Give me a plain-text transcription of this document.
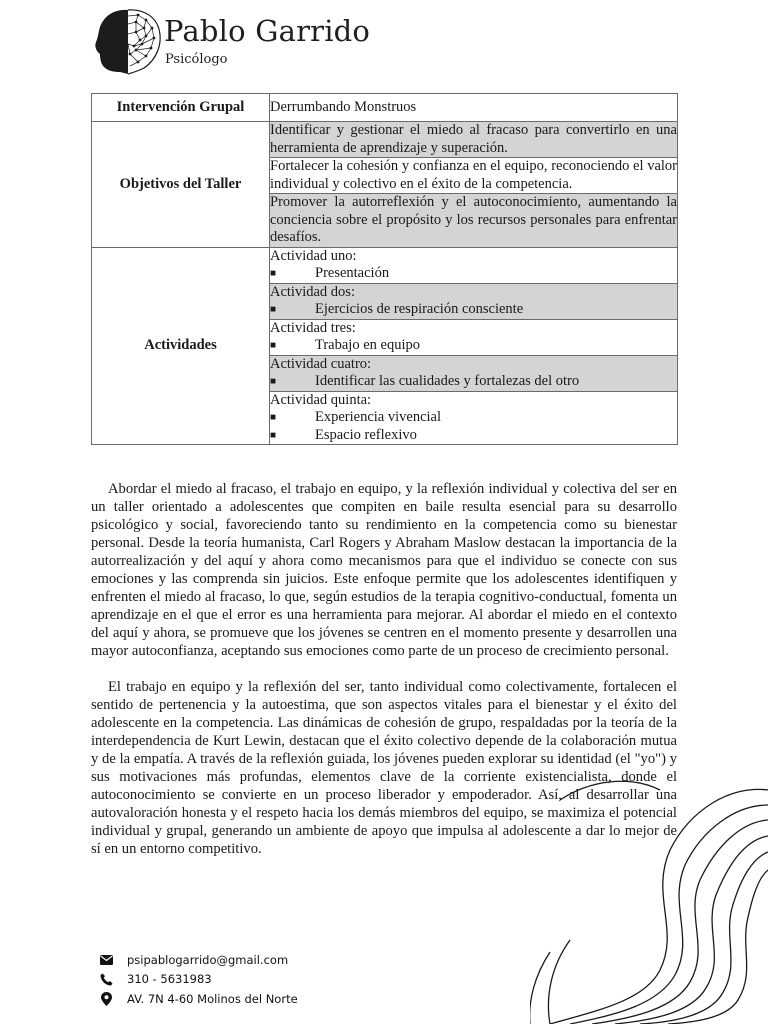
Pablo Garrido
Psicólogo
Intervención Grupal	Derrumbando Monstruos
Objetivos del Taller	Identificar y gestionar el miedo al fracaso para convertirlo en una herramienta de aprendizaje y superación.
	Fortalecer la cohesión y confianza en el equipo, reconociendo el valor individual y colectivo en el éxito de la competencia.
	Promover la autorreflexión y el autoconocimiento, aumentando la conciencia sobre el propósito y los recursos personales para enfrentar desafíos.
Actividades	Actividad uno:
■ Presentación

	Actividad dos:
■ Ejercicios de respiración consciente

	Actividad tres:
■ Trabajo en equipo

	Actividad cuatro:
■ Identificar las cualidades y fortalezas del otro

	Actividad quinta:
■ Experiencia vivencial
■ Espacio reflexivo

Abordar el miedo al fracaso, el trabajo en equipo, y la reflexión individual y colectiva del ser en un taller orientado a adolescentes que compiten en baile resulta esencial para su desarrollo psicológico y social, favoreciendo tanto su rendimiento en la competencia como su bienestar personal. Desde la teoría humanista, Carl Rogers y Abraham Maslow destacan la importancia de la autorrealización y del aquí y ahora como mecanismos para que el individuo se conecte con sus emociones y las comprenda sin juicios. Este enfoque permite que los adolescentes identifiquen y enfrenten el miedo al fracaso, lo que, según estudios de la terapia cognitivo-conductual, fomenta un aprendizaje en el que el error es una herramienta para mejorar. Al abordar el miedo en el contexto del aquí y ahora, se promueve que los jóvenes se centren en el momento presente y desarrollen una mayor autoconfianza, aceptando sus emociones como parte de un proceso de crecimiento personal.

El trabajo en equipo y la reflexión del ser, tanto individual como colectivamente, fortalecen el sentido de pertenencia y la autoestima, que son aspectos vitales para el bienestar y el éxito del adolescente en la competencia. Las dinámicas de cohesión de grupo, respaldadas por la teoría de la interdependencia de Kurt Lewin, destacan que el éxito colectivo depende de la colaboración mutua y de la empatía. A través de la reflexión guiada, los jóvenes pueden explorar su identidad (el "yo") y sus motivaciones más profundas, elementos clave de la corriente existencialista, donde el autoconocimiento se convierte en un proceso liberador y empoderador. Así, al desarrollar una autovaloración honesta y el respeto hacia los demás miembros del equipo, se maximiza el potencial individual y grupal, generando un ambiente de apoyo que impulsa al adolescente a dar lo mejor de sí en un entorno competitivo.

psipablogarrido@gmail.com
310 - 5631983
AV. 7N 4-60 Molinos del Norte
